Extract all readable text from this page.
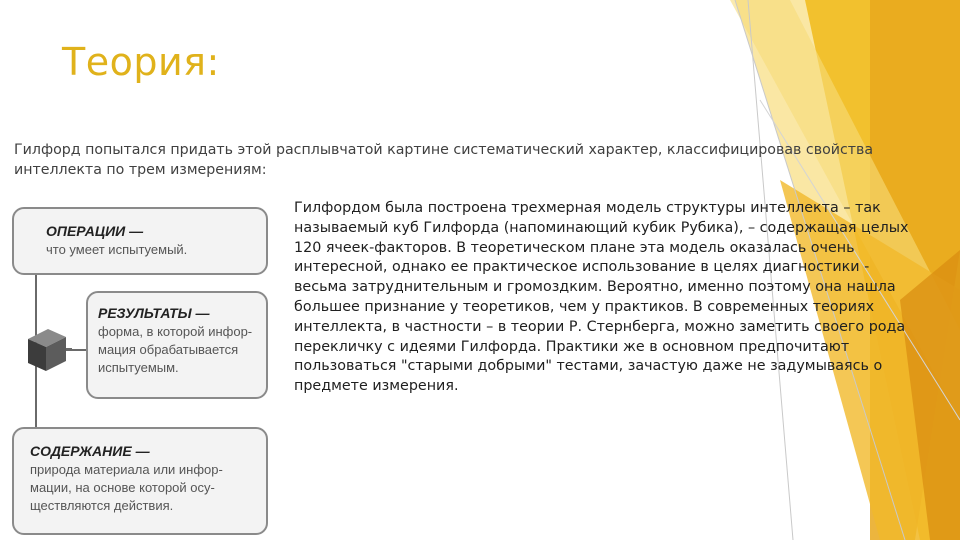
Теория:

Гилфорд попытался придать этой расплывчатой картине систематический характер, классифицировав свойства
интеллекта по трем измерениям:

ОПЕРАЦИИ —
что умеет испытуемый.
РЕЗУЛЬТАТЫ —
форма, в которой инфор-
мация обрабатывается
испытуемым.
СОДЕРЖАНИЕ —
природа материала или инфор-
мации, на основе которой осу-
ществляются действия.

Гилфордом была построена трехмерная модель структуры интеллекта – так
называемый куб Гилфорда (напоминающий кубик Рубика), – содержащая целых
120 ячеек-факторов. В теоретическом плане эта модель оказалась очень
интересной, однако ее практическое использование в целях диагностики -
весьма затруднительным и громоздким. Вероятно, именно поэтому она нашла
большее признание у теоретиков, чем у практиков. В современных теориях
интеллекта, в частности – в теории Р. Стернберга, можно заметить своего рода
перекличку с идеями Гилфорда. Практики же в основном предпочитают
пользоваться "старыми добрыми" тестами, зачастую даже не задумываясь о
предмете измерения.
